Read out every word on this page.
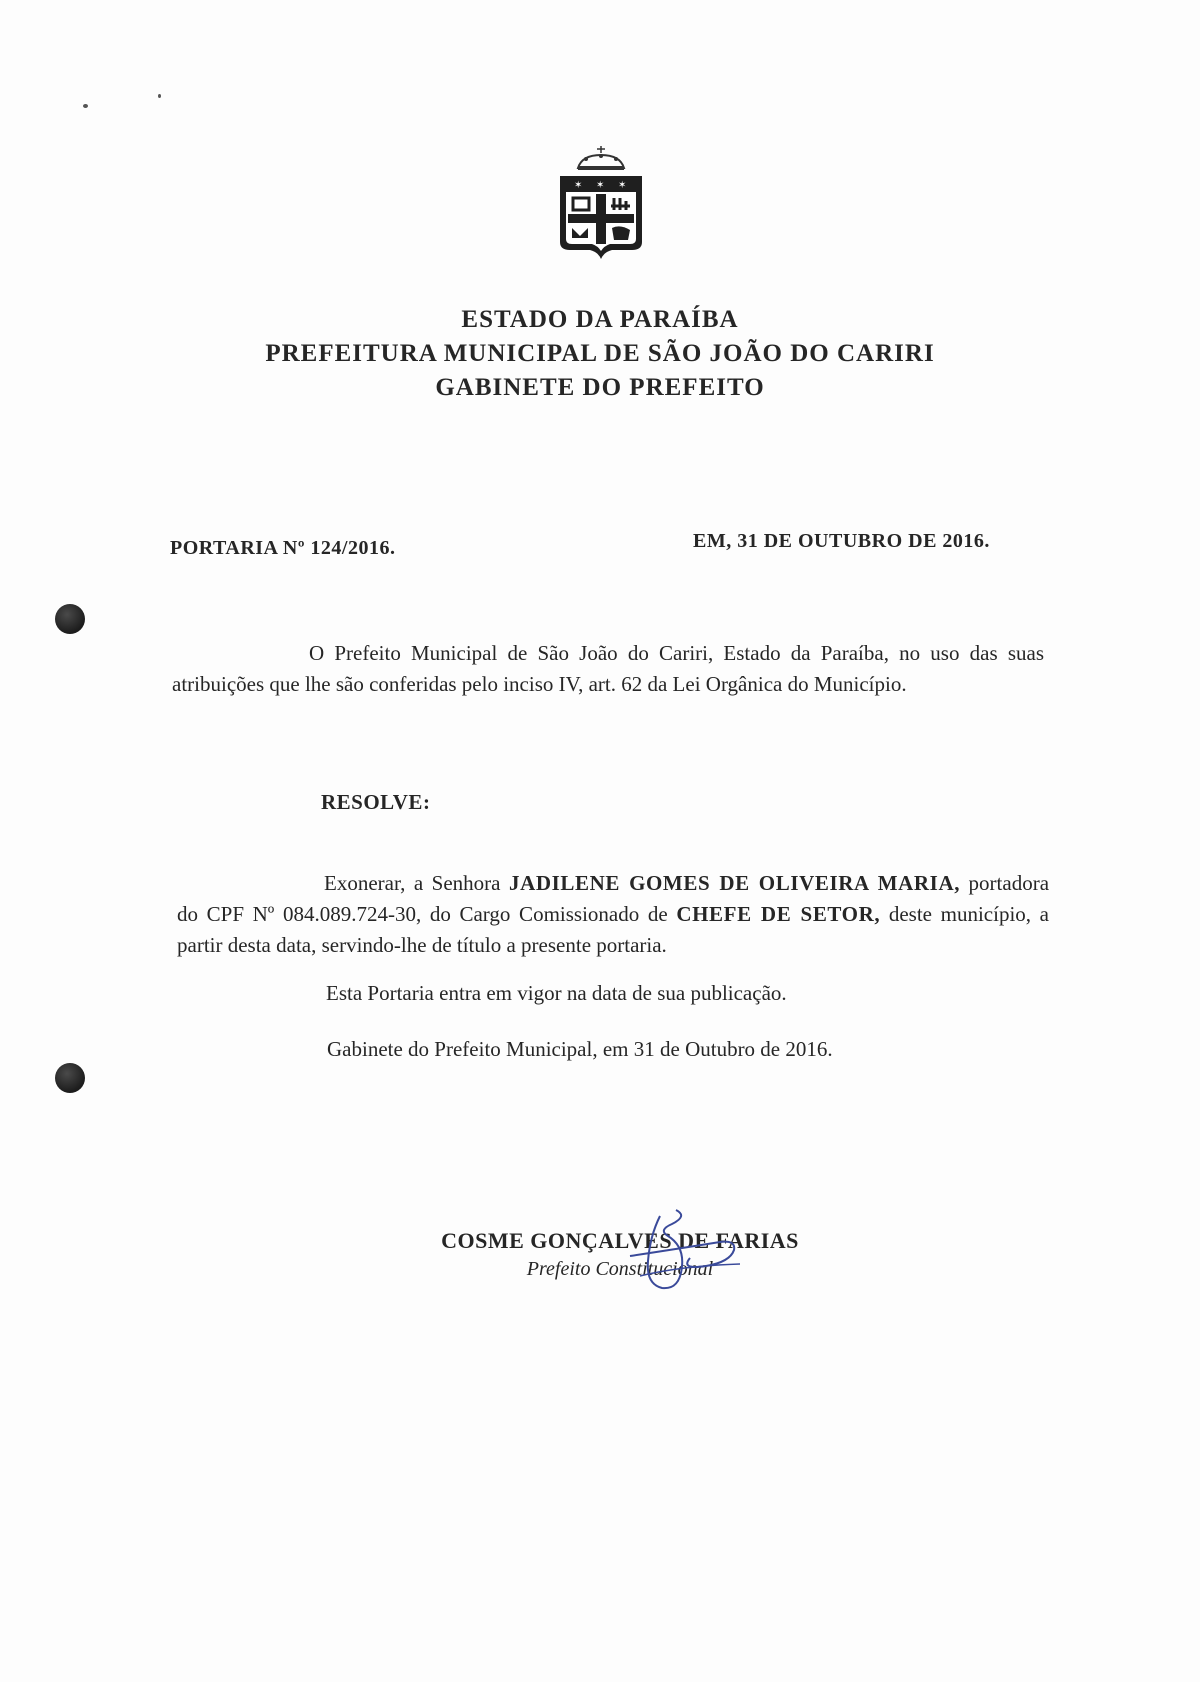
✶ ✶ ✶
ESTADO DA PARAÍBA
PREFEITURA MUNICIPAL DE SÃO JOÃO DO CARIRI
GABINETE DO PREFEITO
PORTARIA Nº 124/2016.	EM, 31 DE OUTUBRO DE 2016.
O Prefeito Municipal de São João do Cariri, Estado da Paraíba, no uso das suas atribuições que lhe são conferidas pelo inciso IV, art. 62 da Lei Orgânica do Município.
RESOLVE:
Exonerar, a Senhora JADILENE GOMES DE OLIVEIRA MARIA, portadora do CPF Nº 084.089.724-30, do Cargo Comissionado de CHEFE DE SETOR, deste município, a partir desta data, servindo-lhe de título a presente portaria.
Esta Portaria entra em vigor na data de sua publicação.
Gabinete do Prefeito Municipal, em 31 de Outubro de 2016.
COSME GONÇALVES DE FARIAS
Prefeito Constitucional
